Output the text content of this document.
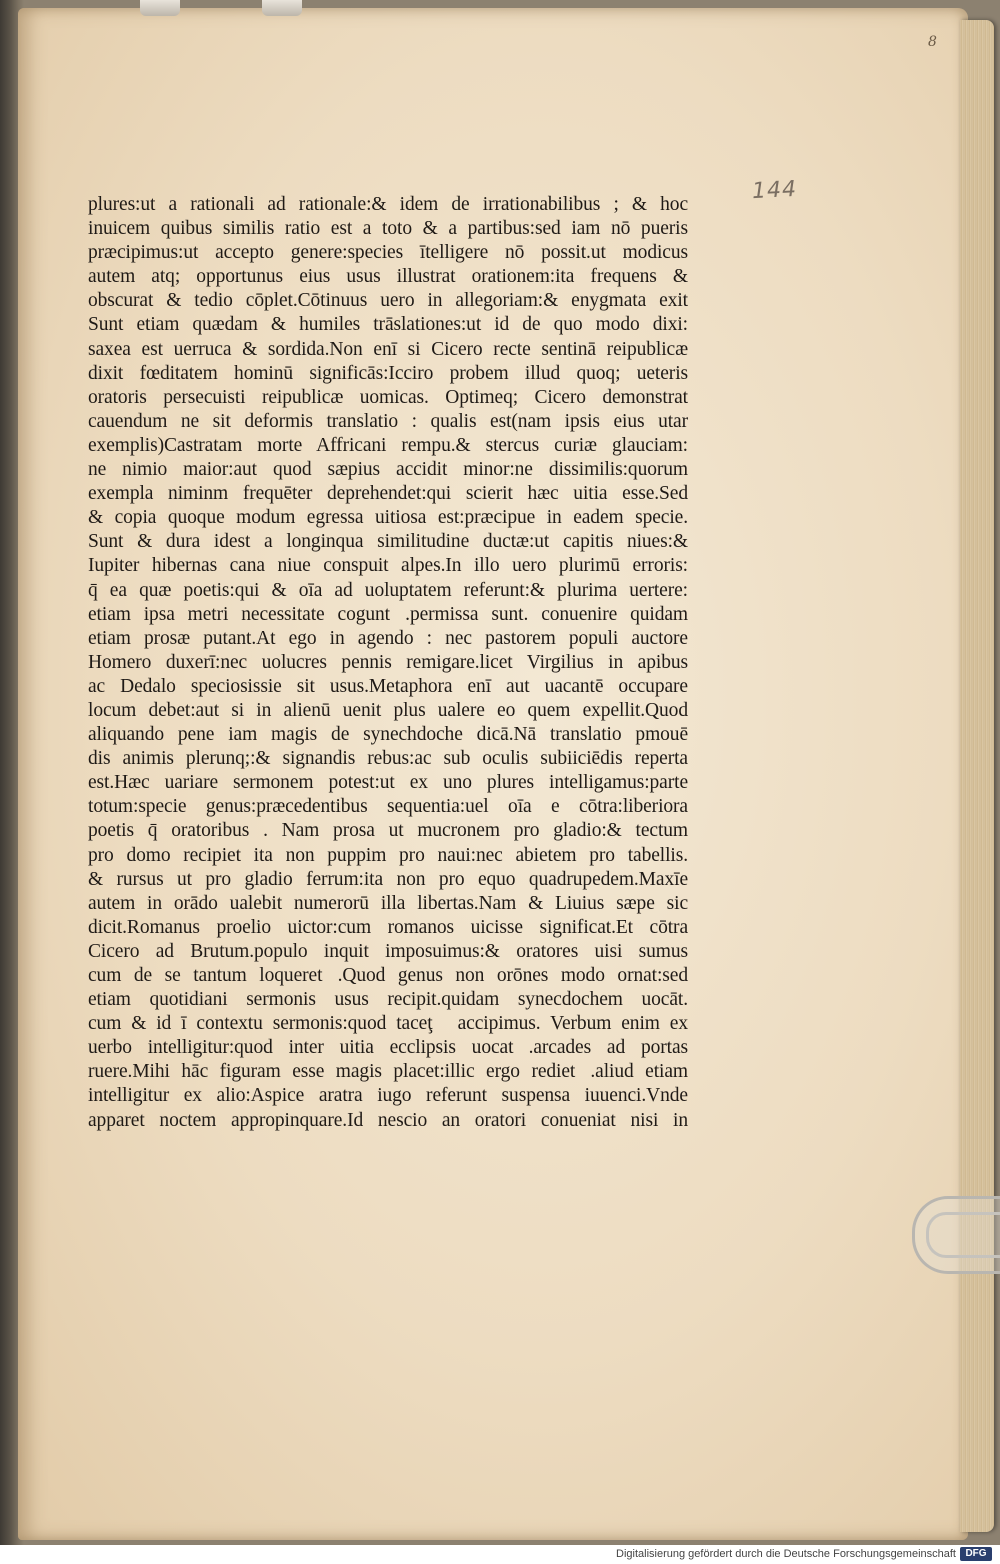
8
144
plures:ut a rationali ad rationale:& idem de irrationabilibus ; & hoc
inuicem quibus similis ratio est a toto & a partibus:sed iam nō pueris
præcipimus:ut accepto genere:species ītelligere nō possit.ut modicus
autem atq; opportunus eius usus illustrat orationem:ita frequens &
obscurat & tedio cōplet.Cōtinuus uero in allegoriam:& enygmata exit
Sunt etiam quædam & humiles trāslationes:ut id de quo modo dixi:
saxea est uerruca & sordida.Non enī si Cicero recte sentinā reipublicæ
dixit fœditatem hominū significās:Icciro probem illud quoq; ueteris
oratoris persecuisti reipublicæ uomicas. Optimeq; Cicero demonstrat
cauendum ne sit deformis translatio : qualis est(nam ipsis eius utar
exemplis)Castratam morte Affricani rempu.& stercus curiæ glauciam:
ne nimio maior:aut quod sæpius accidit minor:ne dissimilis:quorum
exempla niminm frequēter deprehendet:qui scierit hæc uitia esse.Sed
& copia quoque modum egressa uitiosa est:præcipue in eadem specie.
Sunt & dura idest a longinqua similitudine ductæ:ut capitis niues:&
Iupiter hibernas cana niue conspuit alpes.In illo uero plurimū erroris:
q̄ ea quæ poetis:qui & oīa ad uoluptatem referunt:& plurima uertere:
etiam ipsa metri necessitate coguntᷣ.permissa sunt. conuenire quidam
etiam prosæ putant.At ego in agendo : nec pastorem populi auctore
Homero duxerī:nec uolucres pennis remigare.licet Virgilius in apibus
ac Dedalo speciosissie sit usus.Metaphora enī aut uacantē occupare
locum debet:aut si in alienū uenit plus ualere eo quem expellit.Quod
aliquando pene iam magis de synechdoche dicā.Nā translatio pmouē
dis animis plerunq;:& signandis rebus:ac sub oculis subiiciēdis reperta
est.Hæc uariare sermonem potest:ut ex uno plures intelligamus:parte
totum:specie genus:præcedentibus sequentia:uel oīa e cōtra:liberiora
poetis q̄ oratoribus . Nam prosa ut mucronem pro gladio:& tectum
pro domo recipiet ita non puppim pro naui:nec abietem pro tabellis.
& rursus ut pro gladio ferrum:ita non pro equo quadrupedem.Maxīe
autem in orādo ualebit numerorū illa libertas.Nam & Liuius sæpe sic
dicit.Romanus proelio uictor:cum romanos uicisse significat.Et cōtra
Cicero ad Brutum.populo inquit imposuimus:& oratores uisi sumus
cum de se tantum loqueretᷣ.Quod genus non orōnes modo ornat:sed
etiam quotidiani sermonis usus recipit.quidam synecdochem uocāt.
cum & id ī contextu sermonis:quod taceţᷣ accipimus. Verbum enim ex
uerbo intelligitur:quod inter uitia ecclipsis uocatᷣ.arcades ad portas
ruere.Mihi hāc figuram esse magis placet:illic ergo redietᷣ.aliud etiam
intelligitur ex alio:Aspice aratra iugo referunt suspensa iuuenci.Vnde
apparet noctem appropinquare.Id nescio an oratori conueniat nisi in
Digitalisierung gefördert durch die Deutsche Forschungsgemeinschaft DFG
